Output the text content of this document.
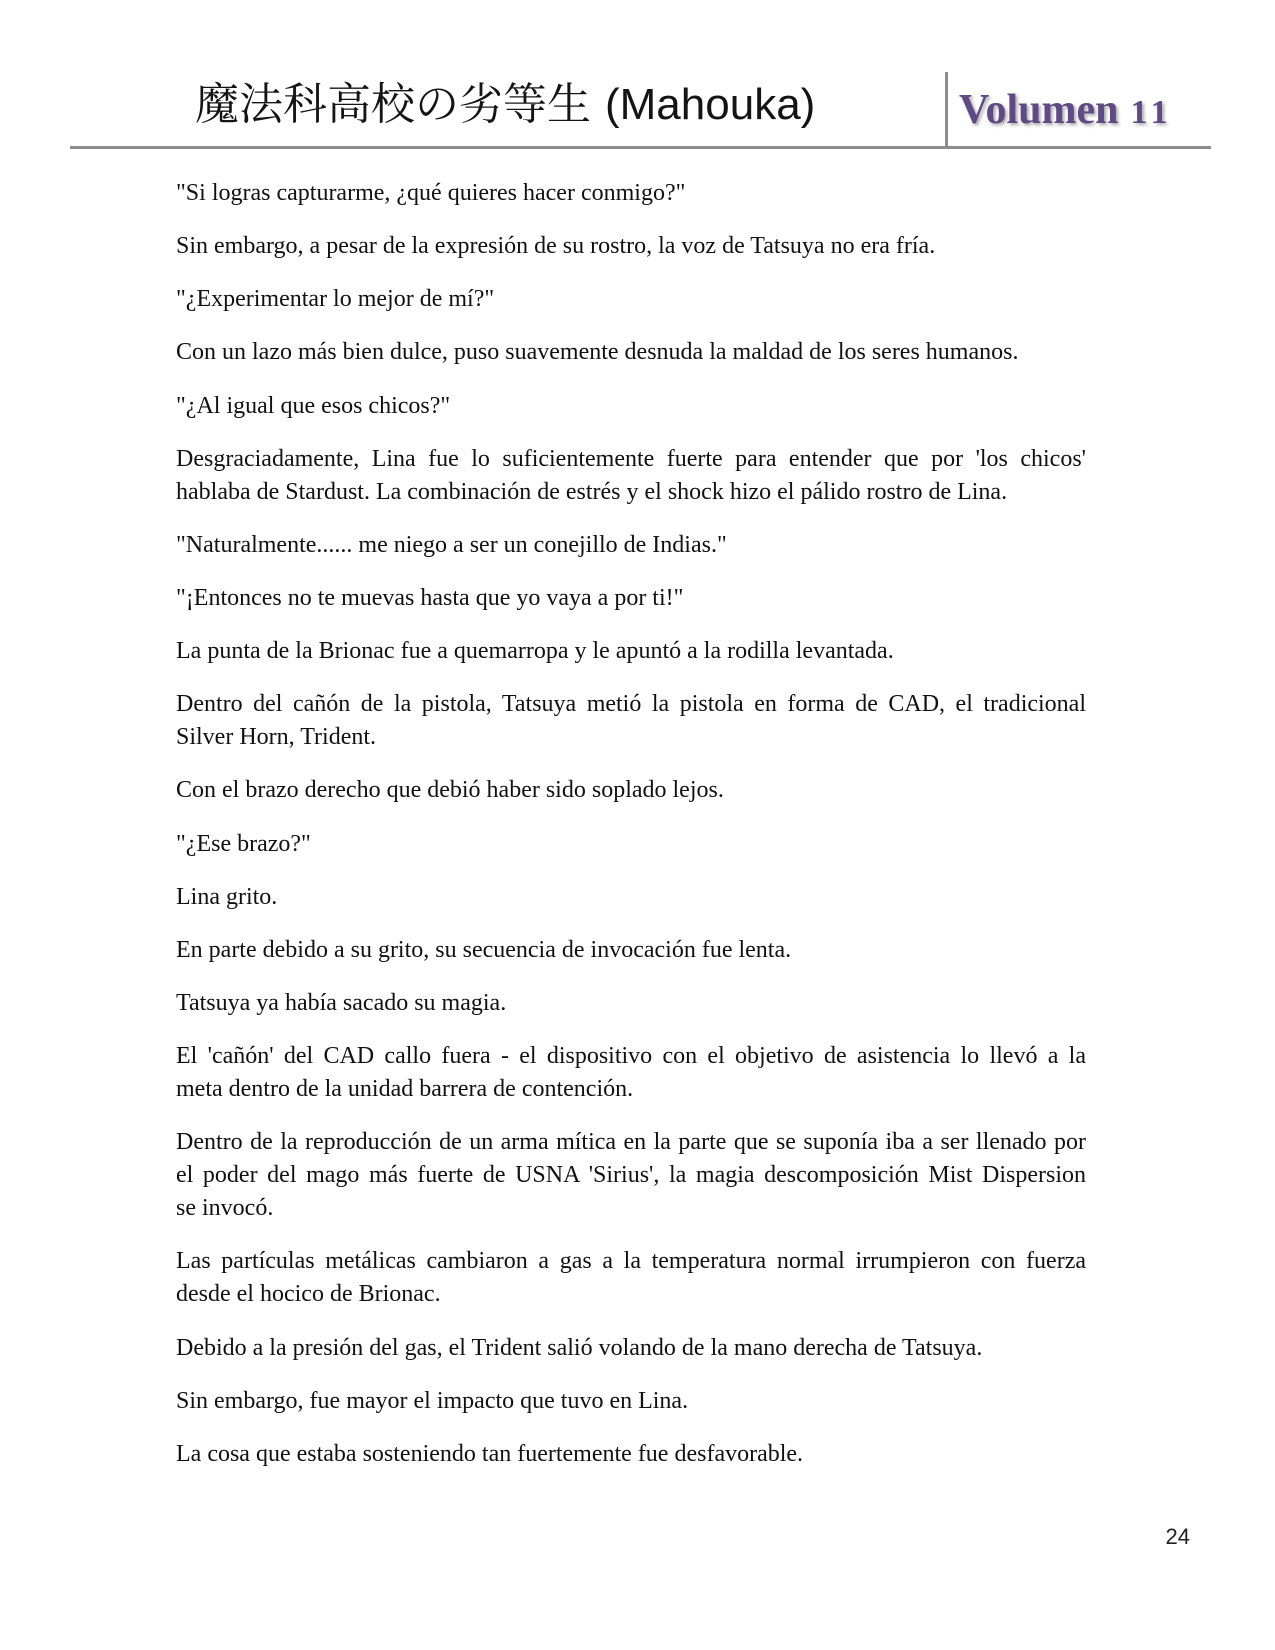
魔法科高校の劣等生 (Mahouka)	Volumen 11
"Si logras capturarme, ¿qué quieres hacer conmigo?"
Sin embargo, a pesar de la expresión de su rostro, la voz de Tatsuya no era fría.
"¿Experimentar lo mejor de mí?"
Con un lazo más bien dulce, puso suavemente desnuda la maldad de los seres humanos.
"¿Al igual que esos chicos?"
Desgraciadamente, Lina fue lo suficientemente fuerte para entender que por 'los chicos'
hablaba de Stardust. La combinación de estrés y el shock hizo el pálido rostro de Lina.
"Naturalmente...... me niego a ser un conejillo de Indias."
"¡Entonces no te muevas hasta que yo vaya a por ti!"
La punta de la Brionac fue a quemarropa y le apuntó a la rodilla levantada.
Dentro del cañón de la pistola, Tatsuya metió la pistola en forma de CAD, el tradicional
Silver Horn, Trident.
Con el brazo derecho que debió haber sido soplado lejos.
"¿Ese brazo?"
Lina grito.
En parte debido a su grito, su secuencia de invocación fue lenta.
Tatsuya ya había sacado su magia.
El 'cañón' del CAD callo fuera - el dispositivo con el objetivo de asistencia lo llevó a la
meta dentro de la unidad barrera de contención.
Dentro de la reproducción de un arma mítica en la parte que se suponía iba a ser llenado por
el poder del mago más fuerte de USNA 'Sirius', la magia descomposición Mist Dispersion
se invocó.
Las partículas metálicas cambiaron a gas a la temperatura normal irrumpieron con fuerza
desde el hocico de Brionac.
Debido a la presión del gas, el Trident salió volando de la mano derecha de Tatsuya.
Sin embargo, fue mayor el impacto que tuvo en Lina.
La cosa que estaba sosteniendo tan fuertemente fue desfavorable.
24
